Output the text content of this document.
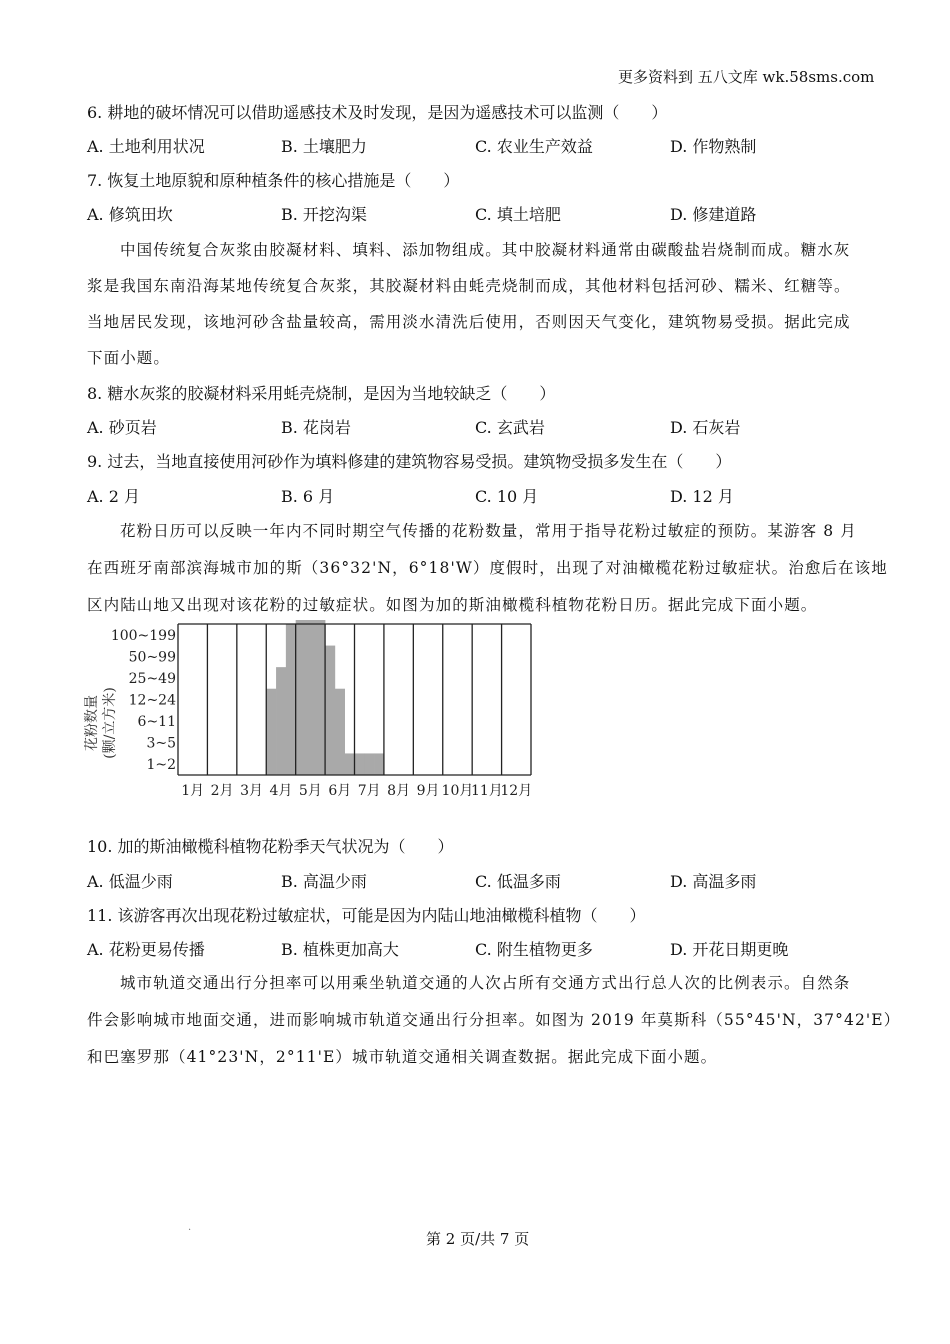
更多资料到 五八文库 wk.58sms.com
6. 耕地的破坏情况可以借助遥感技术及时发现，是因为遥感技术可以监测（　　）
A. 土地利用状况	B. 土壤肥力	C. 农业生产效益	D. 作物熟制
7. 恢复土地原貌和原种植条件的核心措施是（　　）
A. 修筑田坎	B. 开挖沟渠	C. 填土培肥	D. 修建道路
中国传统复合灰浆由胶凝材料、填料、添加物组成。其中胶凝材料通常由碳酸盐岩烧制而成。糖水灰
浆是我国东南沿海某地传统复合灰浆，其胶凝材料由蚝壳烧制而成，其他材料包括河砂、糯米、红糖等。
当地居民发现，该地河砂含盐量较高，需用淡水清洗后使用，否则因天气变化，建筑物易受损。据此完成
下面小题。
8. 糖水灰浆的胶凝材料采用蚝壳烧制，是因为当地较缺乏（　　）
A. 砂页岩	B. 花岗岩	C. 玄武岩	D. 石灰岩
9. 过去，当地直接使用河砂作为填料修建的建筑物容易受损。建筑物受损多发生在（　　）
A. 2 月	B. 6 月	C. 10 月	D. 12 月
花粉日历可以反映一年内不同时期空气传播的花粉数量，常用于指导花粉过敏症的预防。某游客 8 月
在西班牙南部滨海城市加的斯（36°32'N，6°18'W）度假时，出现了对油橄榄花粉过敏症状。治愈后在该地
区内陆山地又出现对该花粉的过敏症状。如图为加的斯油橄榄科植物花粉日历。据此完成下面小题。
花粉数量 (颗/立方米)
1~2
3~5
6~11
12~24
25~49
50~99
100~199
1月 2月 3月 4月 5月 6月 7月 8月 9月 10月
11月
12月
10. 加的斯油橄榄科植物花粉季天气状况为（　　）
A. 低温少雨	B. 高温少雨	C. 低温多雨	D. 高温多雨
11. 该游客再次出现花粉过敏症状，可能是因为内陆山地油橄榄科植物（　　）
A. 花粉更易传播	B. 植株更加高大	C. 附生植物更多	D. 开花日期更晚
城市轨道交通出行分担率可以用乘坐轨道交通的人次占所有交通方式出行总人次的比例表示。自然条
件会影响城市地面交通，进而影响城市轨道交通出行分担率。如图为 2019 年莫斯科（55°45'N，37°42'E）
和巴塞罗那（41°23'N，2°11'E）城市轨道交通相关调查数据。据此完成下面小题。
.
第 2 页/共 7 页
